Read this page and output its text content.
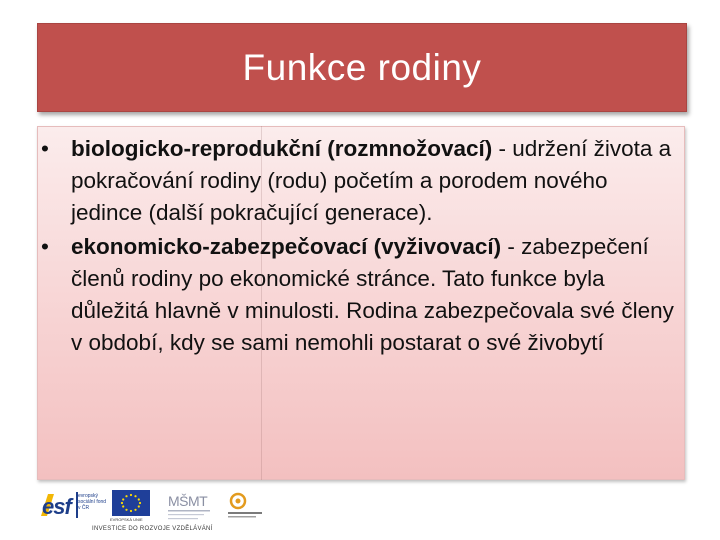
Funkce rodiny
• biologicko-reprodukční (rozmnožovací) - udržení života a pokračování rodiny (rodu) početím a porodem nového jedince (další pokračující generace).
• ekonomicko-zabezpečovací (vyživovací) - zabezpečení členů rodiny po ekonomické stránce. Tato funkce byla důležitá hlavně v minulosti. Rodina zabezpečovala své členy v období, kdy se sami nemohli postarat o své živobytí
esf evropský sociální fond v ČR
EVROPSKÁ UNIE
MŠMT
INVESTICE DO ROZVOJE VZDĚLÁVÁNÍ
